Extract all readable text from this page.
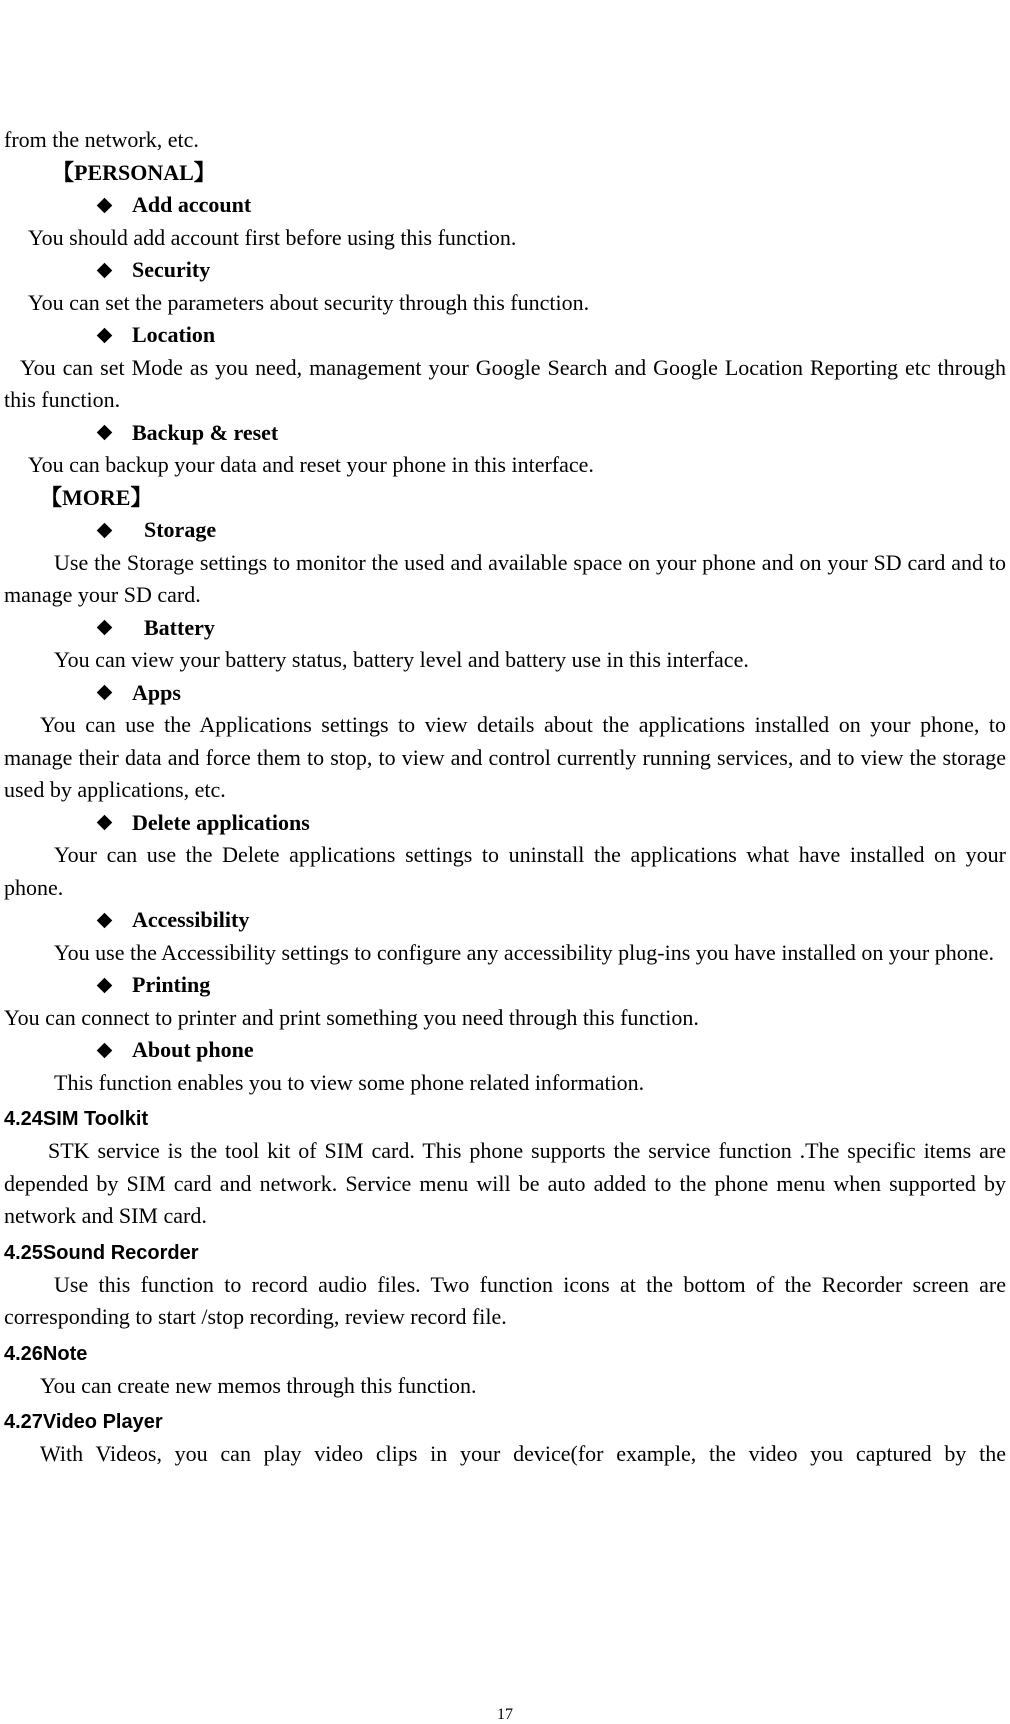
from the network, etc.

【PERSONAL】

Add account

You should add account first before using this function.

Security

You can set the parameters about security through this function.

Location

You can set Mode as you need, management your Google Search and Google Location Reporting etc through this function.

Backup & reset

You can backup your data and reset your phone in this interface.

【MORE】

Storage

Use the Storage settings to monitor the used and available space on your phone and on your SD card and to manage your SD card.

Battery

You can view your battery status, battery level and battery use in this interface.

Apps

You can use the Applications settings to view details about the applications installed on your phone, to manage their data and force them to stop, to view and control currently running services, and to view the storage used by applications, etc.

Delete applications

Your can use the Delete applications settings to uninstall the applications what have installed on your phone.

Accessibility

You use the Accessibility settings to configure any accessibility plug-ins you have installed on your phone.

Printing

You can connect to printer and print something you need through this function.

About phone

This function enables you to view some phone related information.

4.24SIM Toolkit

STK service is the tool kit of SIM card. This phone supports the service function .The specific items are depended by SIM card and network. Service menu will be auto added to the phone menu when supported by network and SIM card.

4.25Sound Recorder

Use this function to record audio files. Two function icons at the bottom of the Recorder screen are corresponding to start /stop recording, review record file.

4.26Note

You can create new memos through this function.

4.27Video Player

With Videos, you can play video clips in your device(for example, the video you captured by the

17
